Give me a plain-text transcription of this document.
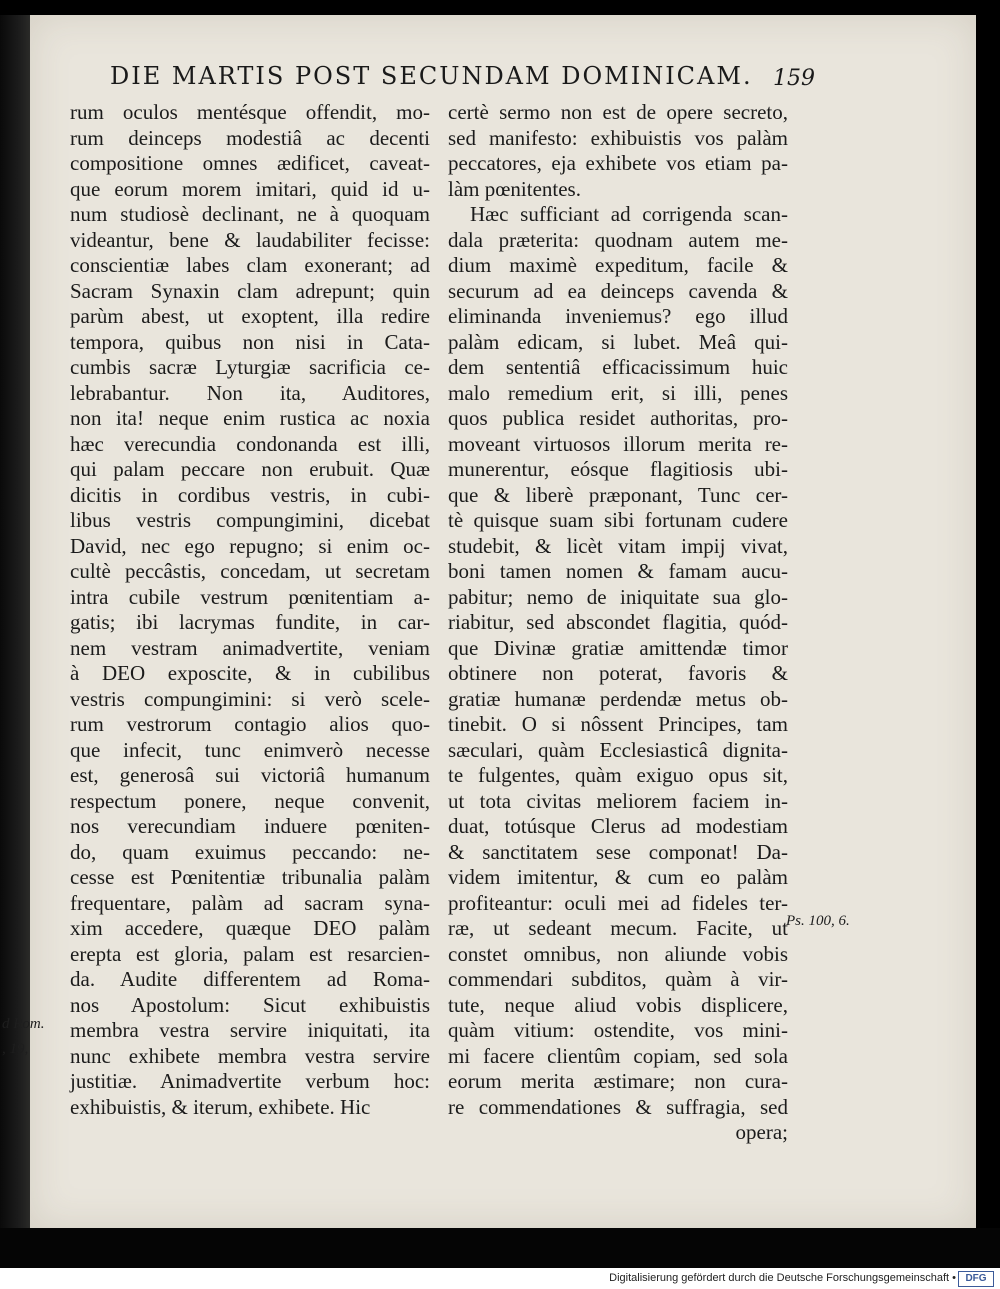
DIE MARTIS POST SECUNDAM DOMINICAM. 159
rum oculos mentésque offendit, mo-
rum deinceps modestiâ ac decenti
compositione omnes ædificet, caveat-
que eorum morem imitari, quid id u-
num studiosè declinant, ne à quoquam
videantur, bene & laudabiliter fecisse:
conscientiæ labes clam exonerant; ad
Sacram Synaxin clam adrepunt; quin
parùm abest, ut exoptent, illa redire
tempora, quibus non nisi in Cata-
cumbis sacræ Lyturgiæ sacrificia ce-
lebrabantur. Non ita, Auditores,
non ita! neque enim rustica ac noxia
hæc verecundia condonanda est illi,
qui palam peccare non erubuit. Quæ
dicitis in cordibus vestris, in cubi-
libus vestris compungimini, dicebat
David, nec ego repugno; si enim oc-
cultè peccâstis, concedam, ut secretam
intra cubile vestrum pœnitentiam a-
gatis; ibi lacrymas fundite, in car-
nem vestram animadvertite, veniam
à DEO exposcite, & in cubilibus
vestris compungimini: si verò scele-
rum vestrorum contagio alios quo-
que infecit, tunc enimverò necesse
est, generosâ sui victoriâ humanum
respectum ponere, neque convenit,
nos verecundiam induere pœniten-
do, quam exuimus peccando: ne-
cesse est Pœnitentiæ tribunalia palàm
frequentare, palàm ad sacram syna-
xim accedere, quæque DEO palàm
erepta est gloria, palam est resarcien-
da. Audite differentem ad Roma-
nos Apostolum: Sicut exhibuistis
membra vestra servire iniquitati, ita
nunc exhibete membra vestra servire
justitiæ. Animadvertite verbum hoc:
exhibuistis, & iterum, exhibete. Hic
certè sermo non est de opere secreto,
sed manifesto: exhibuistis vos palàm
peccatores, eja exhibete vos etiam pa-
làm pœnitentes.
Hæc sufficiant ad corrigenda scan-
dala præterita: quodnam autem me-
dium maximè expeditum, facile &
securum ad ea deinceps cavenda &
eliminanda inveniemus? ego illud
palàm edicam, si lubet. Meâ qui-
dem sententiâ efficacissimum huic
malo remedium erit, si illi, penes
quos publica residet authoritas, pro-
moveant virtuosos illorum merita re-
munerentur, eósque flagitiosis ubi-
que & liberè præponant, Tunc cer-
tè quisque suam sibi fortunam cudere
studebit, & licèt vitam impij vivat,
boni tamen nomen & famam aucu-
pabitur; nemo de iniquitate sua glo-
riabitur, sed abscondet flagitia, quód-
que Divinæ gratiæ amittendæ timor
obtinere non poterat, favoris &
gratiæ humanæ perdendæ metus ob-
tinebit. O si nôssent Principes, tam
sæculari, quàm Ecclesiasticâ dignita-
te fulgentes, quàm exiguo opus sit,
ut tota civitas meliorem faciem in-
duat, totúsque Clerus ad modestiam
& sanctitatem sese componat! Da-
videm imitentur, & cum eo palàm
profiteantur: oculi mei ad fideles ter-
ræ, ut sedeant mecum. Facite, ut
constet omnibus, non aliunde vobis
commendari subditos, quàm à vir-
tute, neque aliud vobis displicere,
quàm vitium: ostendite, vos mini-
mi facere clientûm copiam, sed sola
eorum merita æstimare; non cura-
re commendationes & suffragia, sed
opera;
d Rom.
, 19,
Ps. 100, 6.
Digitalisierung gefördert durch die Deutsche Forschungsgemeinschaft • DFG
